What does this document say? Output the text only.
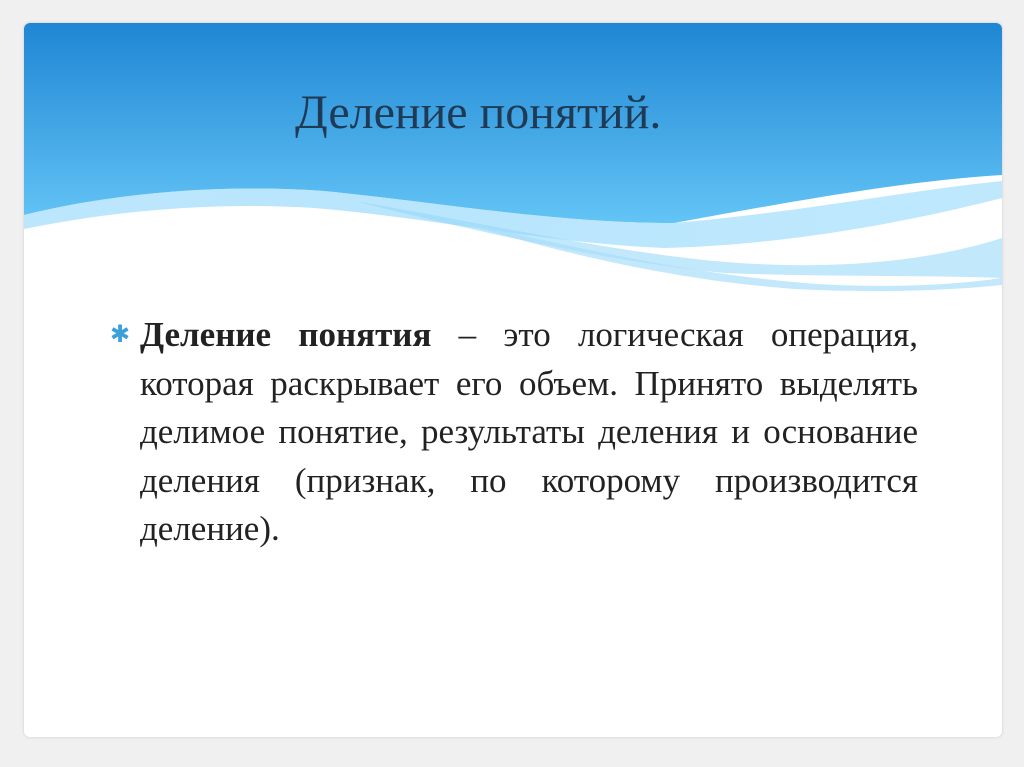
Деление понятий.
✱ Деление понятия – это логическая операция, которая раскрывает его объем. Принято выделять делимое понятие, результаты деления и основание деления (признак, по которому производится деление).
